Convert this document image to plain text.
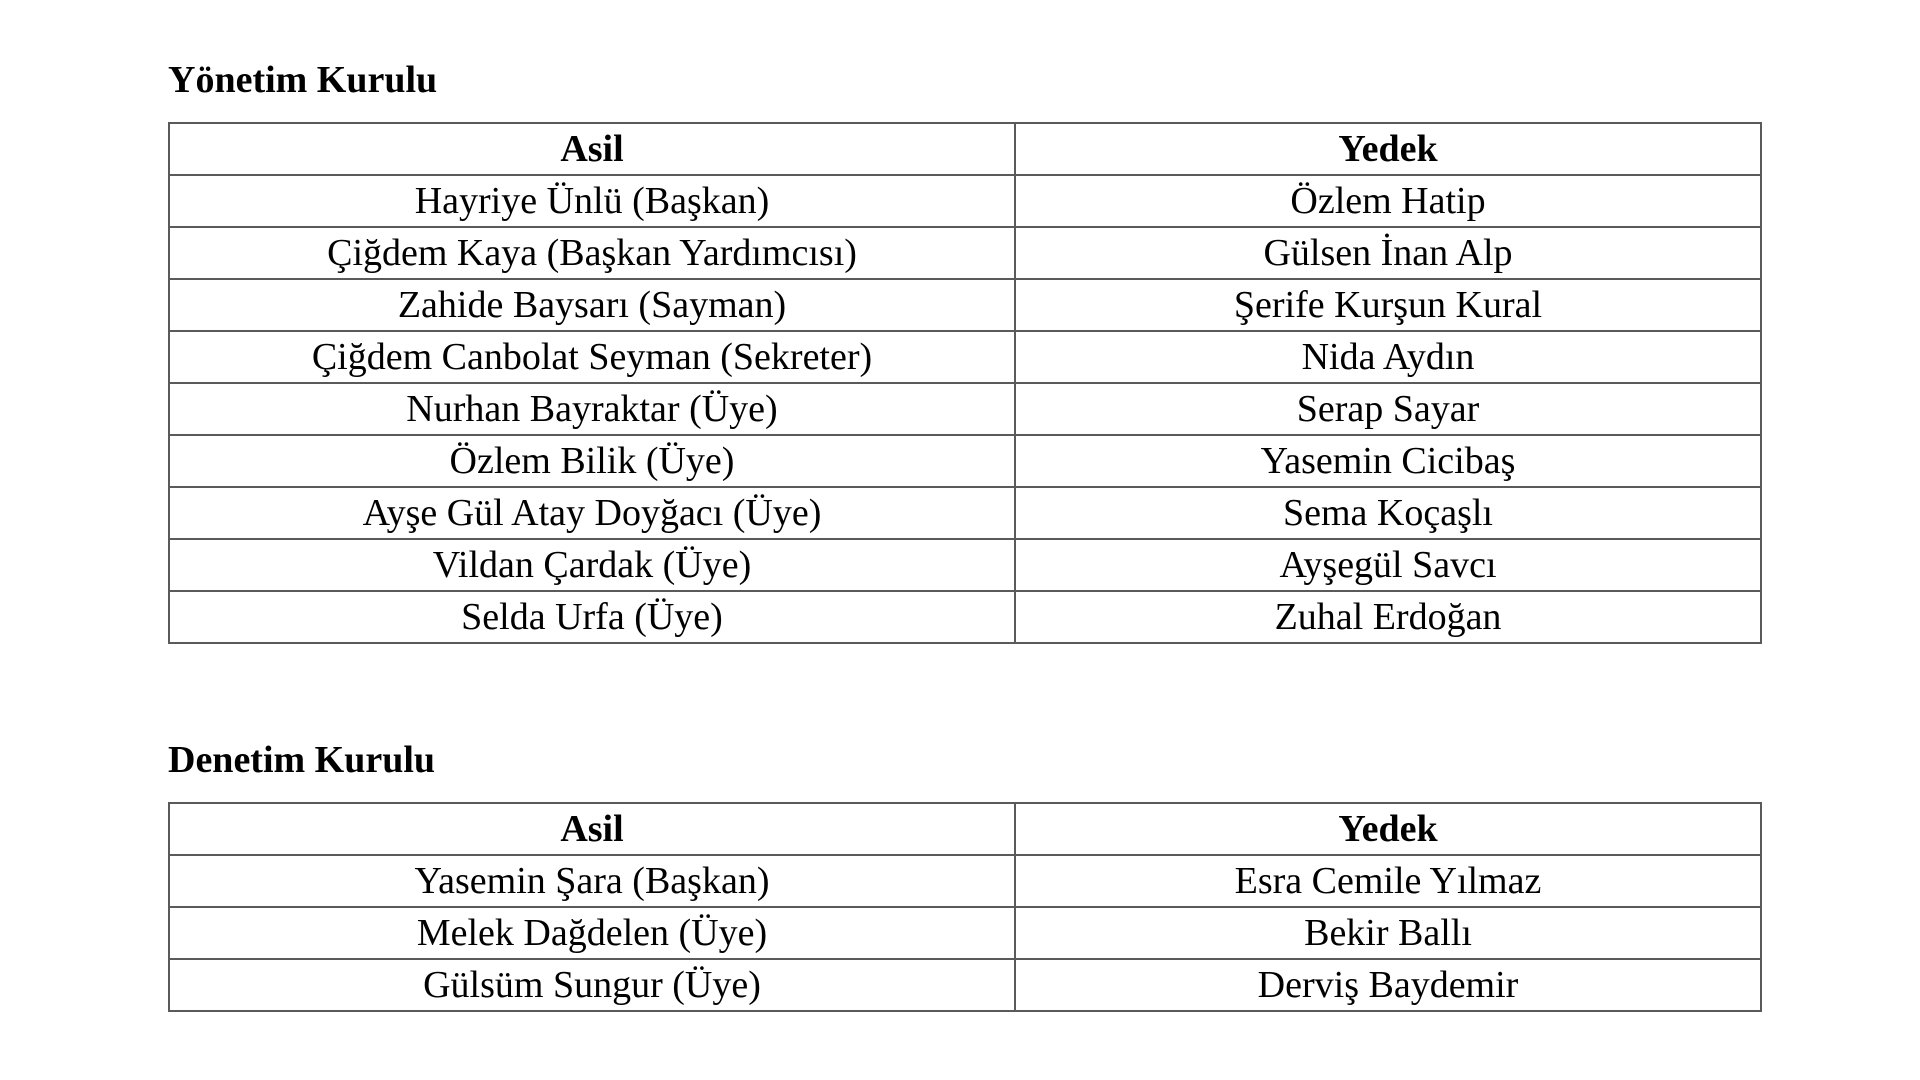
Yönetim Kurulu
Asil	Yedek
Hayriye Ünlü (Başkan)	Özlem Hatip
Çiğdem Kaya (Başkan Yardımcısı)	Gülsen İnan Alp
Zahide Baysarı (Sayman)	Şerife Kurşun Kural
Çiğdem Canbolat Seyman (Sekreter)	Nida Aydın
Nurhan Bayraktar (Üye)	Serap Sayar
Özlem Bilik (Üye)	Yasemin Cicibaş
Ayşe Gül Atay Doyğacı (Üye)	Sema Koçaşlı
Vildan Çardak (Üye)	Ayşegül Savcı
Selda Urfa (Üye)	Zuhal Erdoğan
Denetim Kurulu
Asil	Yedek
Yasemin Şara (Başkan)	Esra Cemile Yılmaz
Melek Dağdelen (Üye)	Bekir Ballı
Gülsüm Sungur (Üye)	Derviş Baydemir
